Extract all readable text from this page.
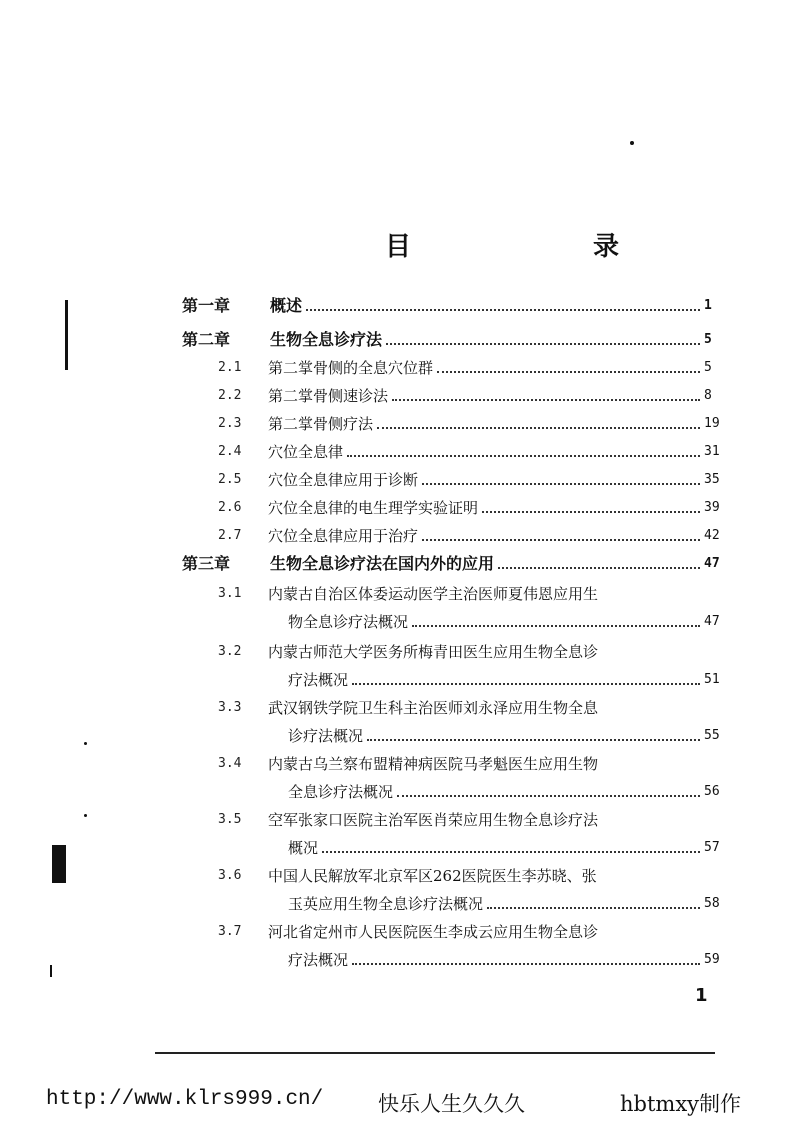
目　录
第一章	概述	1
第二章	生物全息诊疗法	5
2.1	第二掌骨侧的全息穴位群	5
2.2	第二掌骨侧速诊法	8
2.3	第二掌骨侧疗法	19
2.4	穴位全息律	31
2.5	穴位全息律应用于诊断	35
2.6	穴位全息律的电生理学实验证明	39
2.7	穴位全息律应用于治疗	42
第三章	生物全息诊疗法在国内外的应用	47
3.1	内蒙古自治区体委运动医学主治医师夏伟恩应用生
物全息诊疗法概况	47
3.2	内蒙古师范大学医务所梅青田医生应用生物全息诊
疗法概况	51
3.3	武汉钢铁学院卫生科主治医师刘永泽应用生物全息
诊疗法概况	55
3.4	内蒙古乌兰察布盟精神病医院马孝魁医生应用生物
全息诊疗法概况	56
3.5	空军张家口医院主治军医肖荣应用生物全息诊疗法
概况	57
3.6	中国人民解放军北京军区262医院医生李苏晓、张
玉英应用生物全息诊疗法概况	58
3.7	河北省定州市人民医院医生李成云应用生物全息诊
疗法概况	59
1
http://www.klrs999.cn/	快乐人生久久久	hbtmxy制作
